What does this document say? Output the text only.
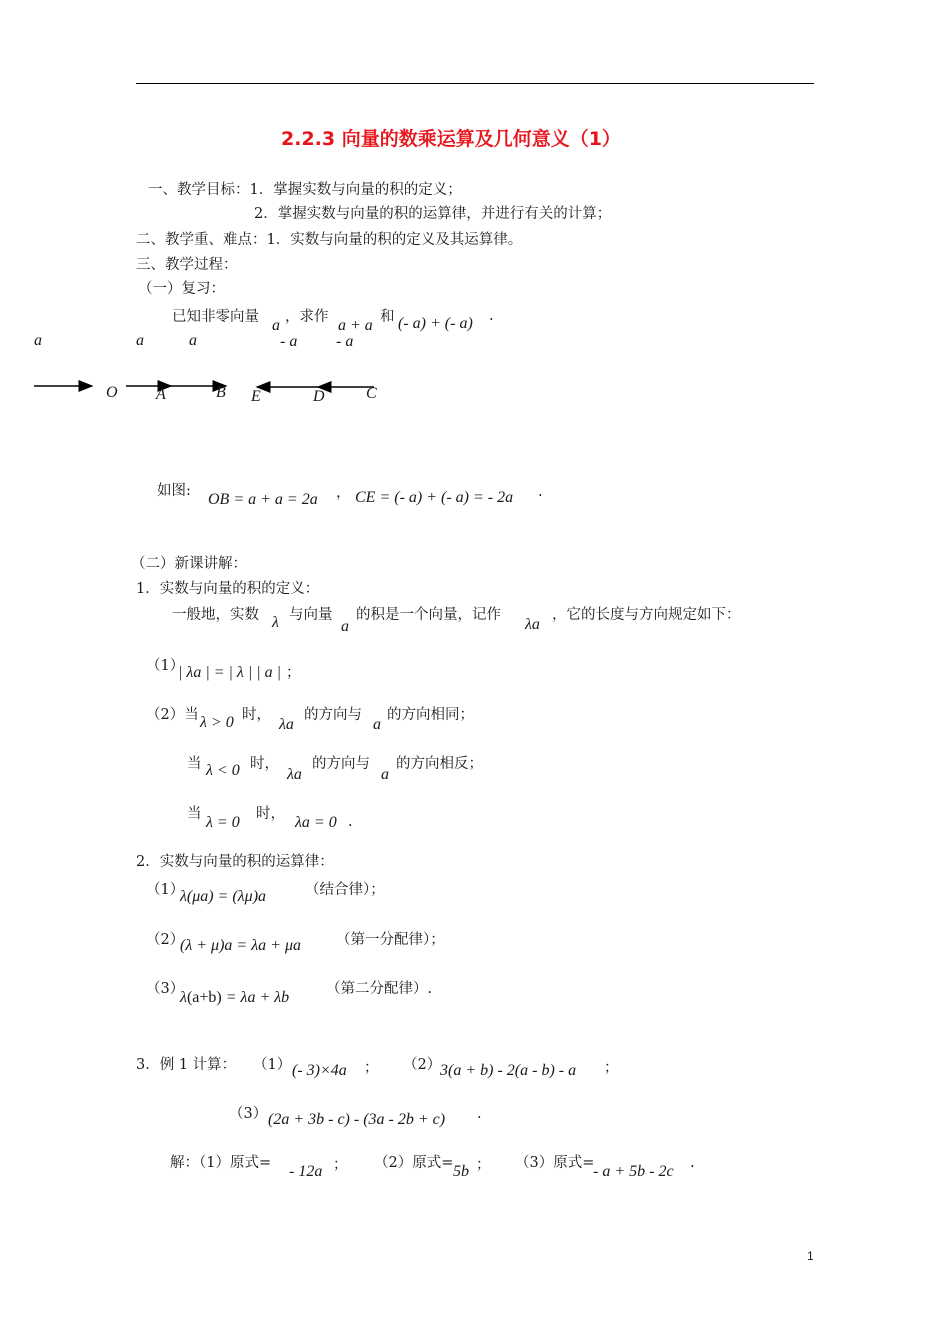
2.2.3 向量的数乘运算及几何意义（1）
一、教学目标：1．掌握实数与向量的积的定义；
2．掌握实数与向量的积的运算律，并进行有关的计算；
二、教学重、难点：1．实数与向量的积的定义及其运算律。
三、教学过程：
（一）复习：
已知非零向量 a ，求作 a + a 和 (- a) + (- a) .
a	a	a	- a - a
O A	B E	D	C
如图: OB = a + a = 2a ， CE = (- a) + (- a) = - 2a .
（二）新课讲解：
1．实数与向量的积的定义：
一般地，实数 λ 与向量
a
的积是一个向量，记作
λa
，它的长度与方向规定如下：
（1）
| λa | = | λ | | a | ；
（2）当 λ > 0 时，
λa
的方向与
a
的方向相同；
当 λ < 0 时，
λa
的方向与
a
的方向相反；
当 λ = 0 时， λa = 0 .
2．实数与向量的积的运算律：
（1）
λ(μa) = (λμ)a	（结合律）；
（2）
(λ + μ)a = λa + μa （第一分配律）；
（3）
λ(a+b) = λa + λb	（第二分配律）.
3．例 1 计算： （1） (- 3)×4a ； （2）
3(a + b) - 2(a - b) - a ；
（3） (2a + 3b - c) - (3a - 2b + c) .
解：（1）原式= - 12a ； （2）原式= 5b ； （3）原式=
- a + 5b - 2c .
1
